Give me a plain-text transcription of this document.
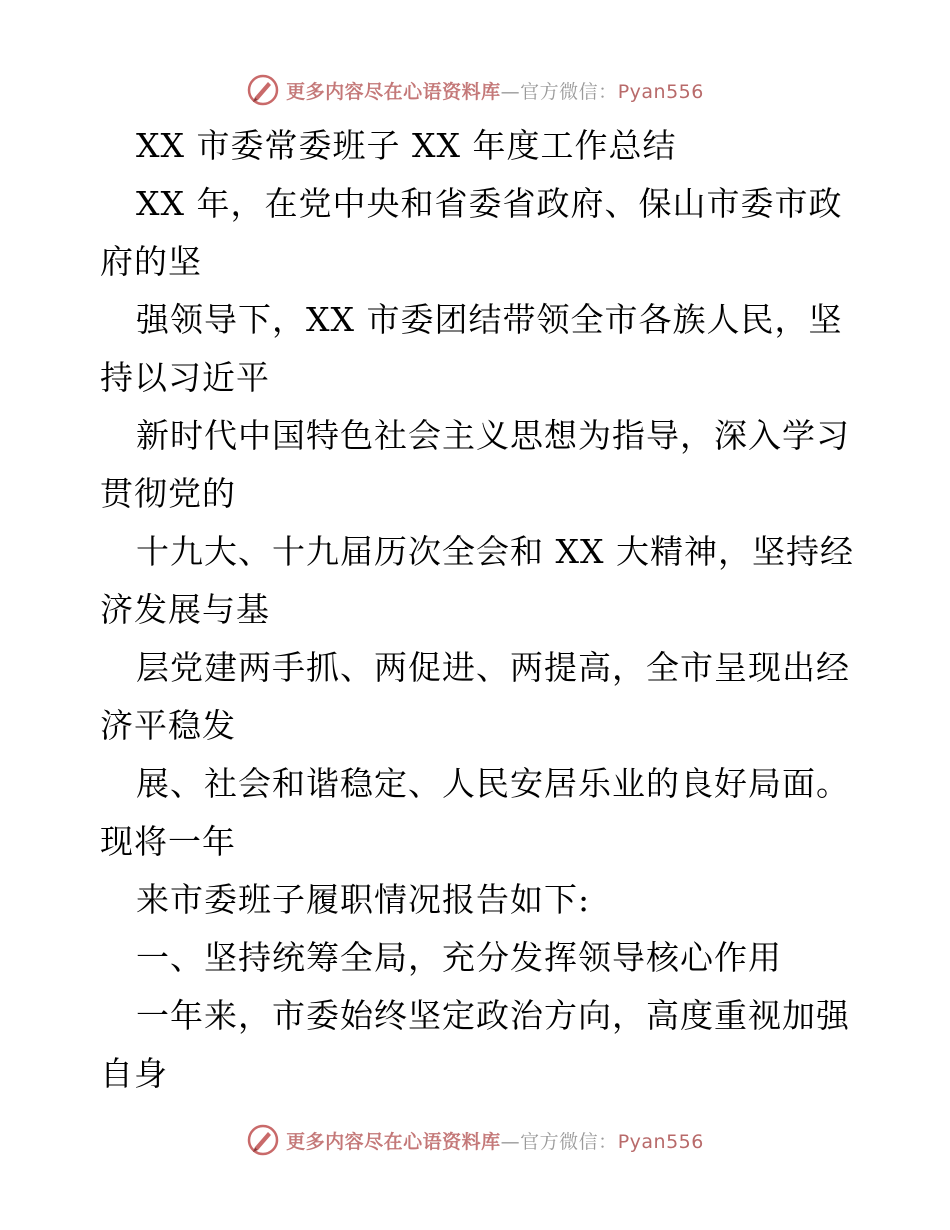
更多内容尽在心语资料库—官方微信：Pyan556
XX 市委常委班子 XX 年度工作总结
XX 年，在党中央和省委省政府、保山市委市政
府的坚
强领导下，XX 市委团结带领全市各族人民，坚
持以习近平
新时代中国特色社会主义思想为指导，深入学习
贯彻党的
十九大、十九届历次全会和 XX 大精神，坚持经
济发展与基
层党建两手抓、两促进、两提高，全市呈现出经
济平稳发
展、社会和谐稳定、人民安居乐业的良好局面。
现将一年
来市委班子履职情况报告如下:
一、坚持统筹全局，充分发挥领导核心作用
一年来，市委始终坚定政治方向，高度重视加强
自身
更多内容尽在心语资料库—官方微信：Pyan556
